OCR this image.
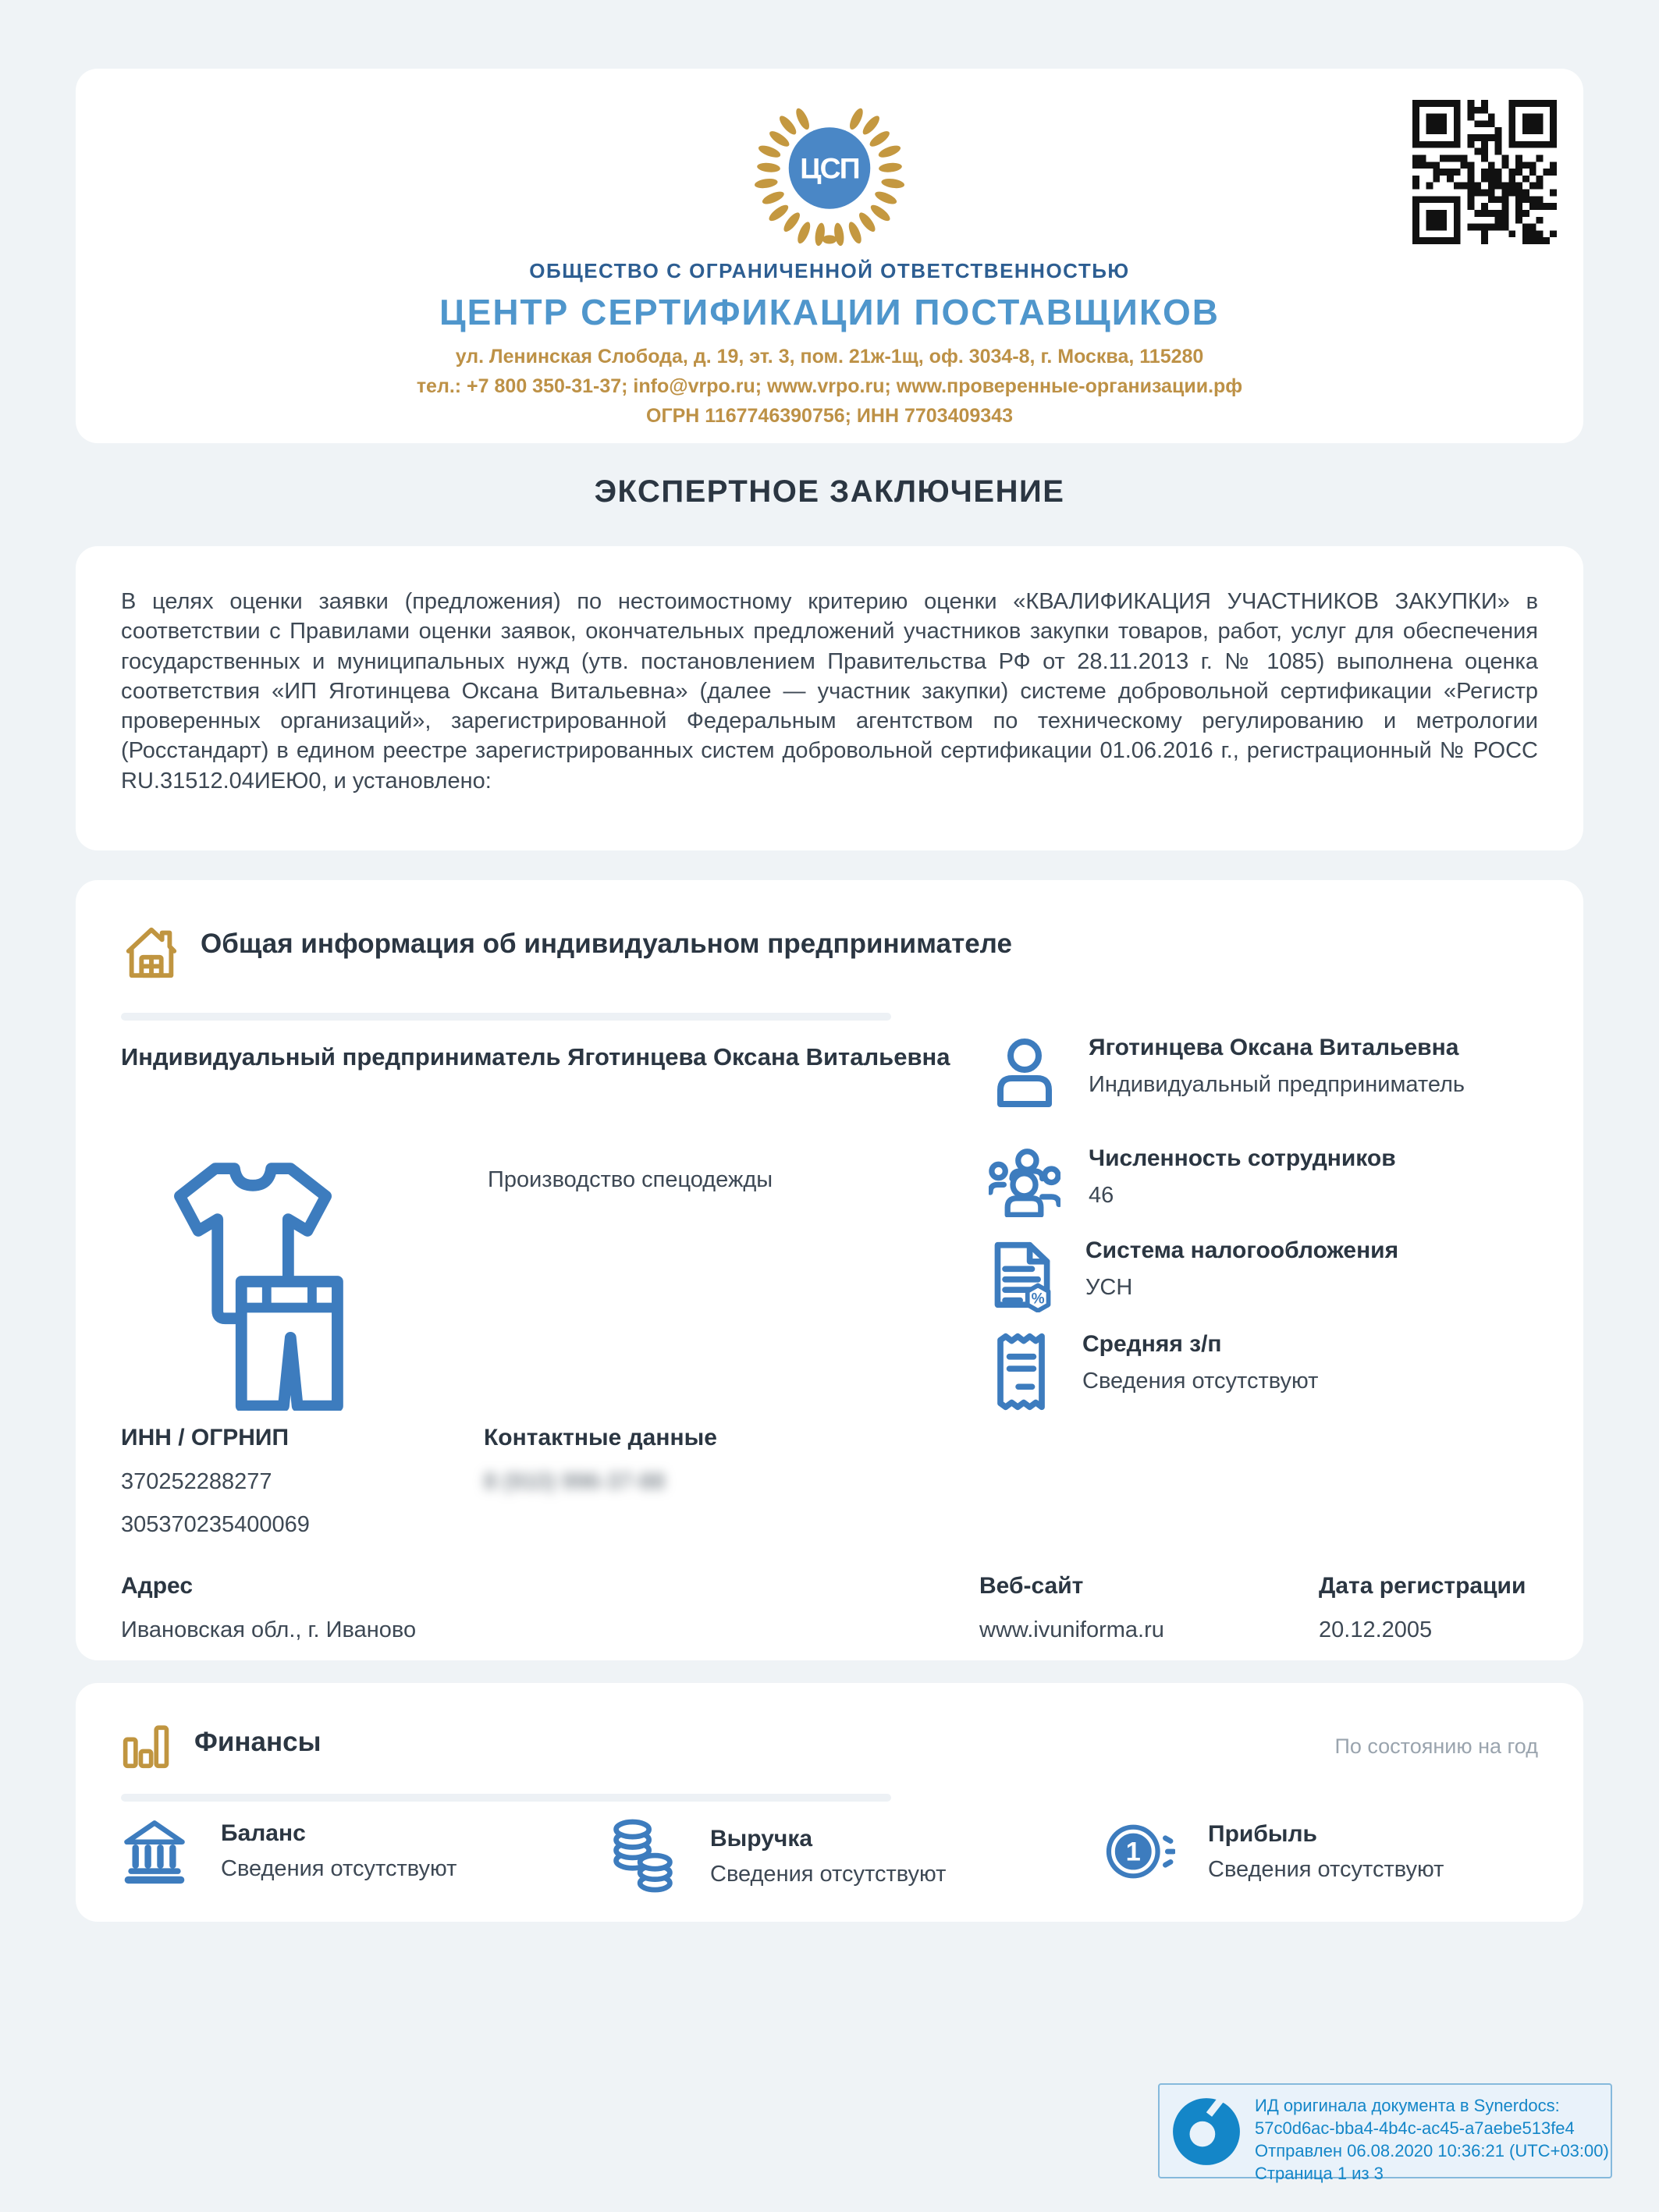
ЦСП
ОБЩЕСТВО С ОГРАНИЧЕННОЙ ОТВЕТСТВЕННОСТЬЮ
ЦЕНТР СЕРТИФИКАЦИИ ПОСТАВЩИКОВ
ул. Ленинская Слобода, д. 19, эт. 3, пом. 21ж-1щ, оф. 3034-8, г. Москва, 115280
тел.: +7 800 350-31-37; info@vrpo.ru; www.vrpo.ru; www.проверенные-организации.рф
ОГРН 1167746390756; ИНН 7703409343
ЭКСПЕРТНОЕ ЗАКЛЮЧЕНИЕ

В целях оценки заявки (предложения) по нестоимостному критерию оценки «КВАЛИФИКАЦИЯ УЧАСТНИКОВ ЗАКУПКИ» в соответствии с Правилами оценки заявок, окончательных предложений участников закупки товаров, работ, услуг для обеспечения государственных и муниципальных нужд (утв. постановлением Правительства РФ от 28.11.2013 г. № 1085) выполнена оценка соответствия «ИП Яготинцева Оксана Витальевна» (далее — участник закупки) системе добровольной сертификации «Регистр проверенных организаций», зарегистрированной Федеральным агентством по техническому регулированию и метрологии (Росстандарт) в едином реестре зарегистрированных систем добровольной сертификации 01.06.2016 г., регистрационный № РОСС RU.31512.04ИЕЮ0, и установлено:

Общая информация об индивидуальном предпринимателе
Индивидуальный предприниматель Яготинцева Оксана Витальевна
Производство спецодежды
ИНН / ОГРНИП
370252288277
305370235400069
Контактные данные
8 (910) 996-37-88
Адрес
Ивановская обл., г. Иваново
Яготинцева Оксана Витальевна
Индивидуальный предприниматель
Численность сотрудников
46
%
Система налогообложения
УСН
Средняя з/п
Сведения отсутствуют
Веб-сайт
www.ivuniforma.ru
Дата регистрации
20.12.2005
Финансы	По состоянию на год
Баланс
Сведения отсутствуют
Выручка
Сведения отсутствуют
1
Прибыль
Сведения отсутствуют
ИД оригинала документа в Synerdocs:
57c0d6ac-bba4-4b4c-ac45-a7aebe513fe4
Отправлен 06.08.2020 10:36:21 (UTC+03:00)
Страница 1 из 3
